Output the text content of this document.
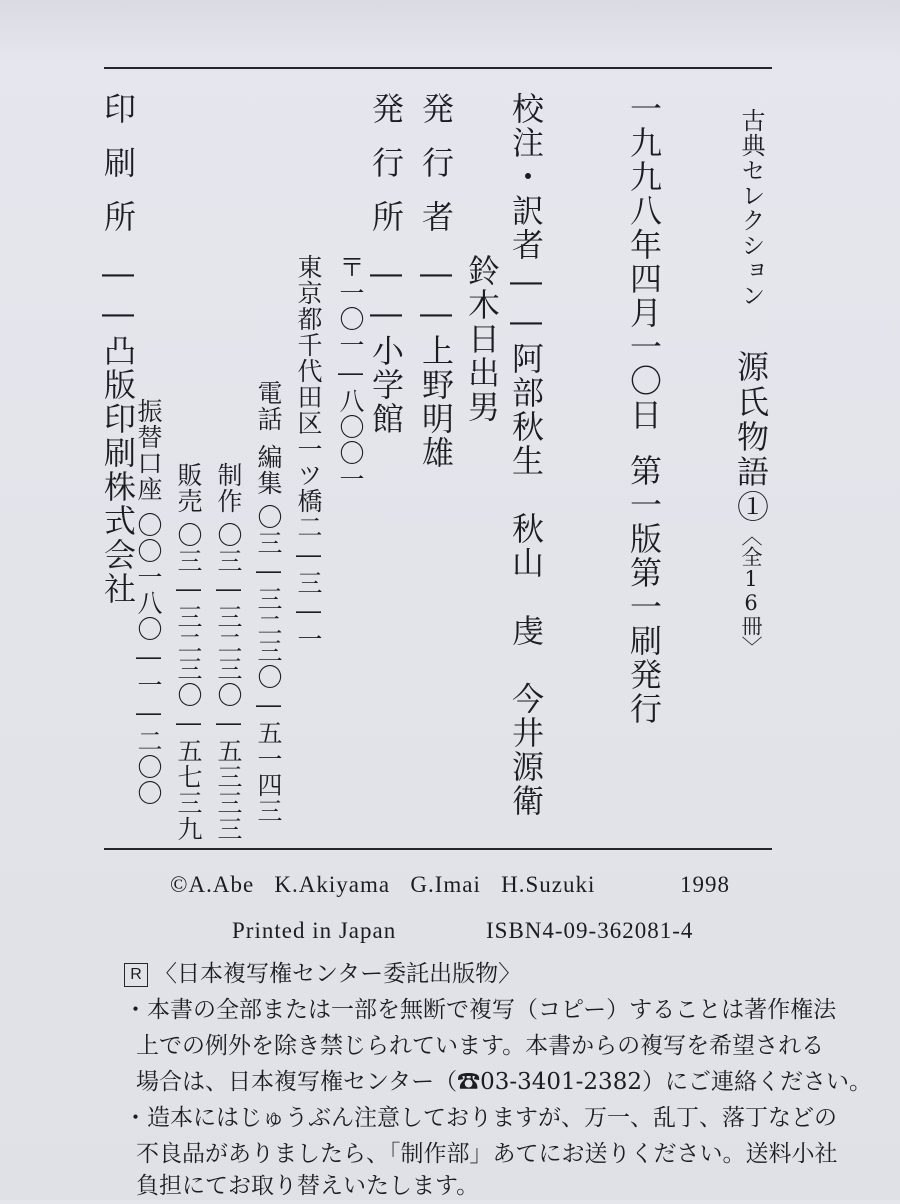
古典セレクション源氏物語①〈全16冊〉
一九九八年四月一〇日第一版第一刷発行
校注・訳者――阿部秋生　秋山　虔　今井源衛
鈴木日出男
発行者――上野明雄
発行所――小学館
〒一〇一―八〇〇一
東京都千代田区一ツ橋二―三―一
電話編集〇三―三二三〇―五一四三
制作〇三―三二三〇―五三三三
販売〇三―三二三〇―五七三九
振替口座〇〇一八〇―一―二〇〇
印刷所――凸版印刷株式会社
©A.Abe K.Akiyama G.Imai H.Suzuki	1998
Printed in Japan	ISBN4-09-362081-4
R 〈日本複写権センター委託出版物〉
・本書の全部または一部を無断で複写（コピー）することは著作権法
上での例外を除き禁じられています。本書からの複写を希望される
場合は、日本複写権センター（☎03-3401-2382）にご連絡ください。
・造本にはじゅうぶん注意しておりますが、万一、乱丁、落丁などの
不良品がありましたら、「制作部」あてにお送りください。送料小社
負担にてお取り替えいたします。
